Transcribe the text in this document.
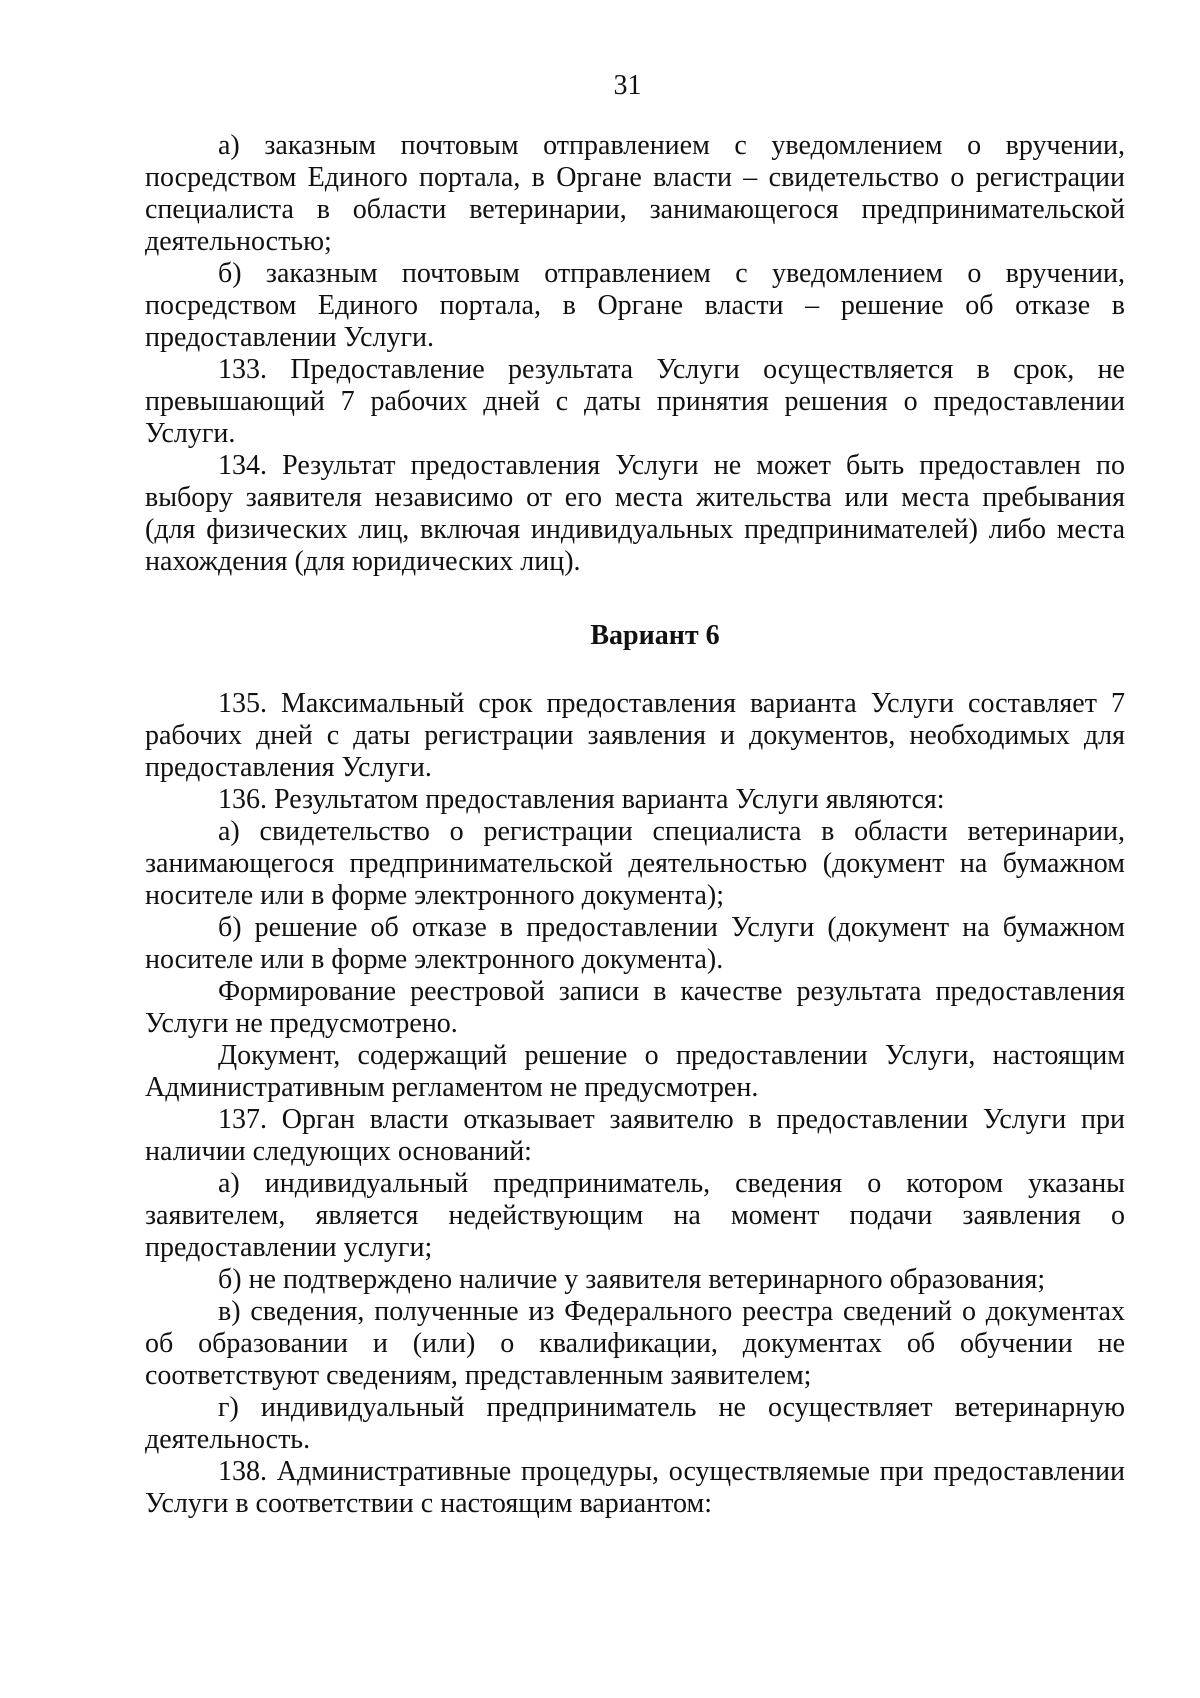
31

а) заказным почтовым отправлением с уведомлением о вручении, посредством Единого портала, в Органе власти – свидетельство о регистрации специалиста в области ветеринарии, занимающегося предпринимательской деятельностью;

б) заказным почтовым отправлением с уведомлением о вручении, посредством Единого портала, в Органе власти – решение об отказе в предоставлении Услуги.

133. Предоставление результата Услуги осуществляется в срок, не превышающий 7 рабочих дней с даты принятия решения о предоставлении Услуги.

134. Результат предоставления Услуги не может быть предоставлен по выбору заявителя независимо от его места жительства или места пребывания (для физических лиц, включая индивидуальных предпринимателей) либо места нахождения (для юридических лиц).

Вариант 6

135. Максимальный срок предоставления варианта Услуги составляет 7 рабочих дней с даты регистрации заявления и документов, необходимых для предоставления Услуги.

136. Результатом предоставления варианта Услуги являются:

а) свидетельство о регистрации специалиста в области ветеринарии, занимающегося предпринимательской деятельностью (документ на бумажном носителе или в форме электронного документа);

б) решение об отказе в предоставлении Услуги (документ на бумажном носителе или в форме электронного документа).

Формирование реестровой записи в качестве результата предоставления Услуги не предусмотрено.

Документ, содержащий решение о предоставлении Услуги, настоящим Административным регламентом не предусмотрен.

137. Орган власти отказывает заявителю в предоставлении Услуги при наличии следующих оснований:

а) индивидуальный предприниматель, сведения о котором указаны заявителем, является недействующим на момент подачи заявления о предоставлении услуги;

б) не подтверждено наличие у заявителя ветеринарного образования;

в) сведения, полученные из Федерального реестра сведений о документах об образовании и (или) о квалификации, документах об обучении не соответствуют сведениям, представленным заявителем;

г) индивидуальный предприниматель не осуществляет ветеринарную деятельность.

138. Административные процедуры, осуществляемые при предоставлении Услуги в соответствии с настоящим вариантом:
